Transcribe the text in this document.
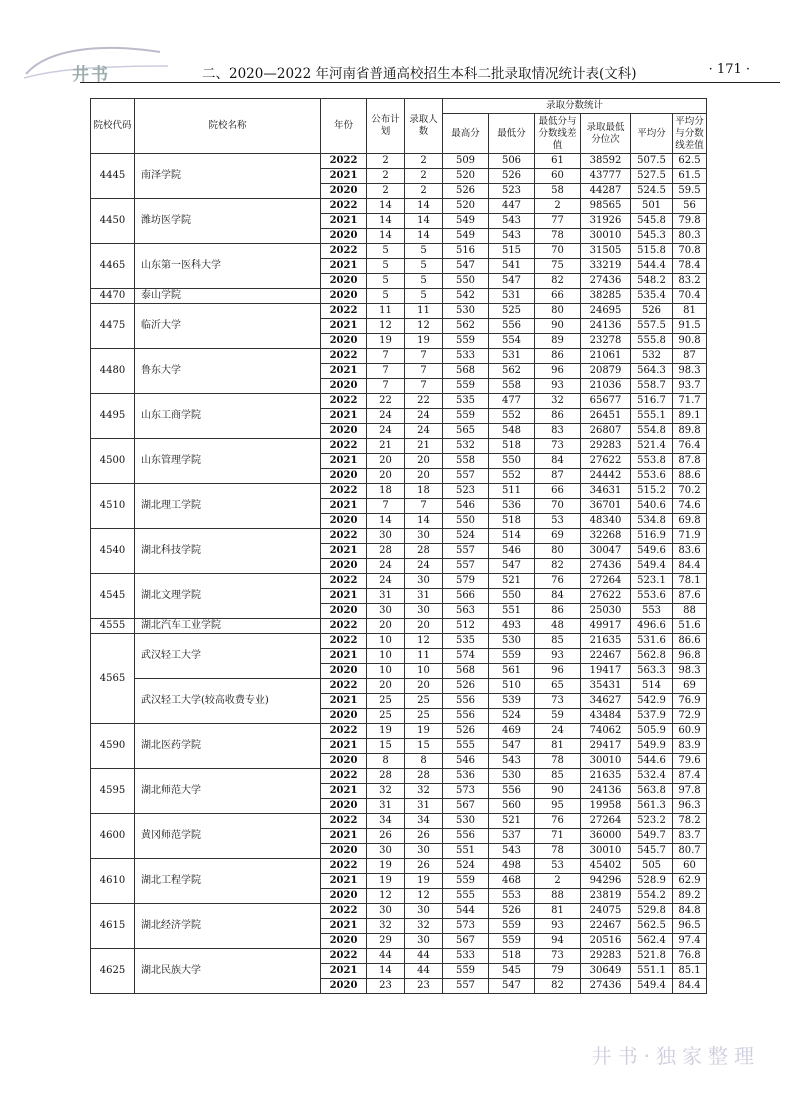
井书	二、2020—2022 年河南省普通高校招生本科二批录取情况统计表(文科)	· 171 ·
院校代码	院校名称	年份	公布计划	录取人数	录取分数统计					
					最高分	最低分	最低分与分数线差值	录取最低分位次	平均分	平均分与分数线差值
4445	南泽学院	2022	2	2	509	506	61	38592	507.5	62.5
		2021	2	2	520	526	60	43777	527.5	61.5
		2020	2	2	526	523	58	44287	524.5	59.5
4450	潍坊医学院	2022	14	14	520	447	2	98565	501	56
		2021	14	14	549	543	77	31926	545.8	79.8
		2020	14	14	549	543	78	30010	545.3	80.3
4465	山东第一医科大学	2022	5	5	516	515	70	31505	515.8	70.8
		2021	5	5	547	541	75	33219	544.4	78.4
		2020	5	5	550	547	82	27436	548.2	83.2
4470	泰山学院	2020	5	5	542	531	66	38285	535.4	70.4
4475	临沂大学	2022	11	11	530	525	80	24695	526	81
		2021	12	12	562	556	90	24136	557.5	91.5
		2020	19	19	559	554	89	23278	555.8	90.8
4480	鲁东大学	2022	7	7	533	531	86	21061	532	87
		2021	7	7	568	562	96	20879	564.3	98.3
		2020	7	7	559	558	93	21036	558.7	93.7
4495	山东工商学院	2022	22	22	535	477	32	65677	516.7	71.7
		2021	24	24	559	552	86	26451	555.1	89.1
		2020	24	24	565	548	83	26807	554.8	89.8
4500	山东管理学院	2022	21	21	532	518	73	29283	521.4	76.4
		2021	20	20	558	550	84	27622	553.8	87.8
		2020	20	20	557	552	87	24442	553.6	88.6
4510	湖北理工学院	2022	18	18	523	511	66	34631	515.2	70.2
		2021	7	7	546	536	70	36701	540.6	74.6
		2020	14	14	550	518	53	48340	534.8	69.8
4540	湖北科技学院	2022	30	30	524	514	69	32268	516.9	71.9
		2021	28	28	557	546	80	30047	549.6	83.6
		2020	24	24	557	547	82	27436	549.4	84.4
4545	湖北文理学院	2022	24	30	579	521	76	27264	523.1	78.1
		2021	31	31	566	550	84	27622	553.6	87.6
		2020	30	30	563	551	86	25030	553	88
4555	湖北汽车工业学院	2022	20	20	512	493	48	49917	496.6	51.6
4565	武汉轻工大学	2022	10	12	535	530	85	21635	531.6	86.6
		2021	10	11	574	559	93	22467	562.8	96.8
		2020	10	10	568	561	96	19417	563.3	98.3
	武汉轻工大学(较高收费专业)	2022	20	20	526	510	65	35431	514	69
		2021	25	25	556	539	73	34627	542.9	76.9
		2020	25	25	556	524	59	43484	537.9	72.9
4590	湖北医药学院	2022	19	19	526	469	24	74062	505.9	60.9
		2021	15	15	555	547	81	29417	549.9	83.9
		2020	8	8	546	543	78	30010	544.6	79.6
4595	湖北师范大学	2022	28	28	536	530	85	21635	532.4	87.4
		2021	32	32	573	556	90	24136	563.8	97.8
		2020	31	31	567	560	95	19958	561.3	96.3
4600	黄冈师范学院	2022	34	34	530	521	76	27264	523.2	78.2
		2021	26	26	556	537	71	36000	549.7	83.7
		2020	30	30	551	543	78	30010	545.7	80.7
4610	湖北工程学院	2022	19	26	524	498	53	45402	505	60
		2021	19	19	559	468	2	94296	528.9	62.9
		2020	12	12	555	553	88	23819	554.2	89.2
4615	湖北经济学院	2022	30	30	544	526	81	24075	529.8	84.8
		2021	32	32	573	559	93	22467	562.5	96.5
		2020	29	30	567	559	94	20516	562.4	97.4
4625	湖北民族大学	2022	44	44	533	518	73	29283	521.8	76.8
		2021	14	44	559	545	79	30649	551.1	85.1
		2020	23	23	557	547	82	27436	549.4	84.4
井书·独家整理
